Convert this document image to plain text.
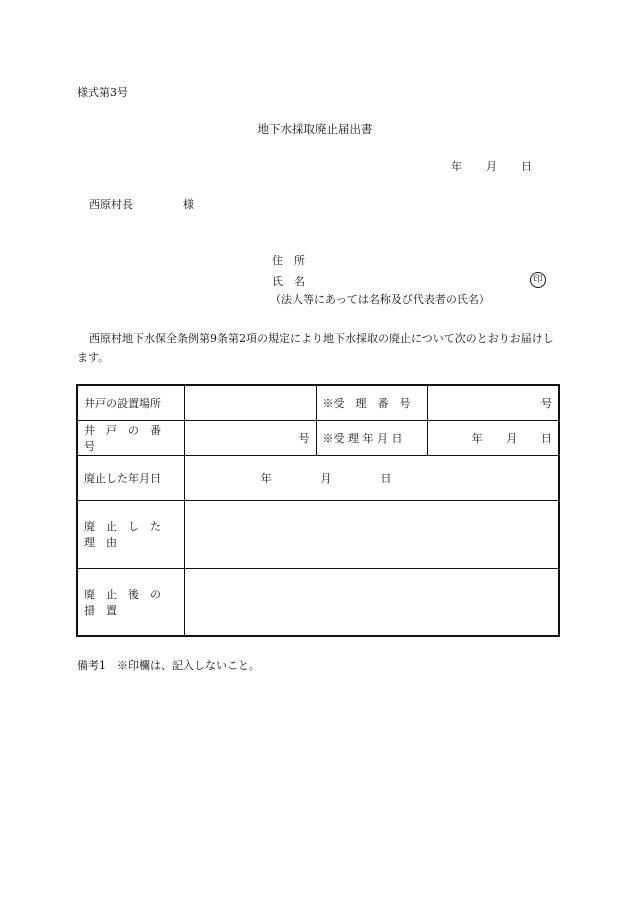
様式第3号
地下水採取廃止届出書
年 月 日
西原村長	様
住　所
氏　名	印
（法人等にあっては名称及び代表者の氏名）
西原村地下水保全条例第9条第2項の規定により地下水採取の廃止について次のとおりお届けします。
井戸の設置場所		※受　理　番　号	号
井　戸　の　番　号	号	※受 理 年 月 日	年 月 日

廃止した年月日	年 月 日		

廃　止　し　た　理　由			
廃　止　後　の　措　置			
備考1　※印欄は、記入しないこと。
